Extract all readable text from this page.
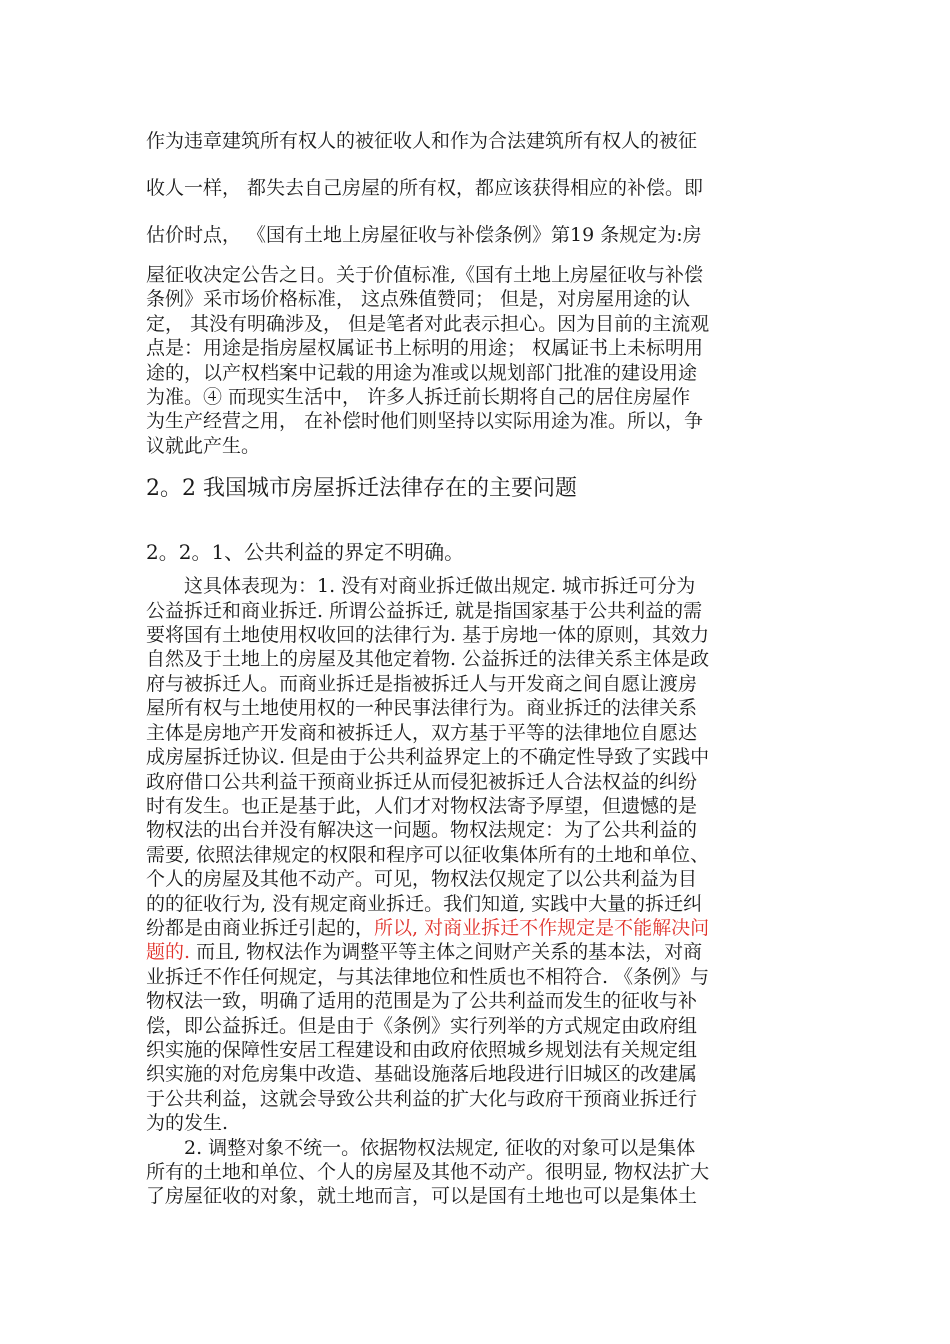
作为违章建筑所有权人的被征收人和作为合法建筑所有权人的被征
收人一样， 都失去自己房屋的所有权，都应该获得相应的补偿。即
估价时点， 《国有土地上房屋征收与补偿条例》第19 条规定为:房
屋征收决定公告之日。关于价值标准,《国有土地上房屋征收与补偿
条例》采市场价格标准， 这点殊值赞同； 但是，对房屋用途的认
定， 其没有明确涉及， 但是笔者对此表示担心。因为目前的主流观
点是：用途是指房屋权属证书上标明的用途； 权属证书上未标明用
途的，以产权档案中记载的用途为准或以规划部门批准的建设用途
为准。④ 而现实生活中， 许多人拆迁前长期将自己的居住房屋作
为生产经营之用， 在补偿时他们则坚持以实际用途为准。所以，争
议就此产生。
2。2 我国城市房屋拆迁法律存在的主要问题
2。2。1、公共利益的界定不明确。
这具体表现为：1. 没有对商业拆迁做出规定. 城市拆迁可分为
公益拆迁和商业拆迁. 所谓公益拆迁, 就是指国家基于公共利益的需
要将国有土地使用权收回的法律行为. 基于房地一体的原则，其效力
自然及于土地上的房屋及其他定着物. 公益拆迁的法律关系主体是政
府与被拆迁人。而商业拆迁是指被拆迁人与开发商之间自愿让渡房
屋所有权与土地使用权的一种民事法律行为。商业拆迁的法律关系
主体是房地产开发商和被拆迁人，双方基于平等的法律地位自愿达
成房屋拆迁协议. 但是由于公共利益界定上的不确定性导致了实践中
政府借口公共利益干预商业拆迁从而侵犯被拆迁人合法权益的纠纷
时有发生。也正是基于此，人们才对物权法寄予厚望，但遗憾的是
物权法的出台并没有解决这一问题。物权法规定：为了公共利益的
需要, 依照法律规定的权限和程序可以征收集体所有的土地和单位、
个人的房屋及其他不动产。可见，物权法仅规定了以公共利益为目
的的征收行为, 没有规定商业拆迁。我们知道, 实践中大量的拆迁纠
纷都是由商业拆迁引起的，所以, 对商业拆迁不作规定是不能解决问
题的. 而且, 物权法作为调整平等主体之间财产关系的基本法，对商
业拆迁不作任何规定，与其法律地位和性质也不相符合. 《条例》与
物权法一致，明确了适用的范围是为了公共利益而发生的征收与补
偿，即公益拆迁。但是由于《条例》实行列举的方式规定由政府组
织实施的保障性安居工程建设和由政府依照城乡规划法有关规定组
织实施的对危房集中改造、基础设施落后地段进行旧城区的改建属
于公共利益，这就会导致公共利益的扩大化与政府干预商业拆迁行
为的发生.
2. 调整对象不统一。依据物权法规定, 征收的对象可以是集体
所有的土地和单位、个人的房屋及其他不动产。很明显, 物权法扩大
了房屋征收的对象，就土地而言，可以是国有土地也可以是集体土
